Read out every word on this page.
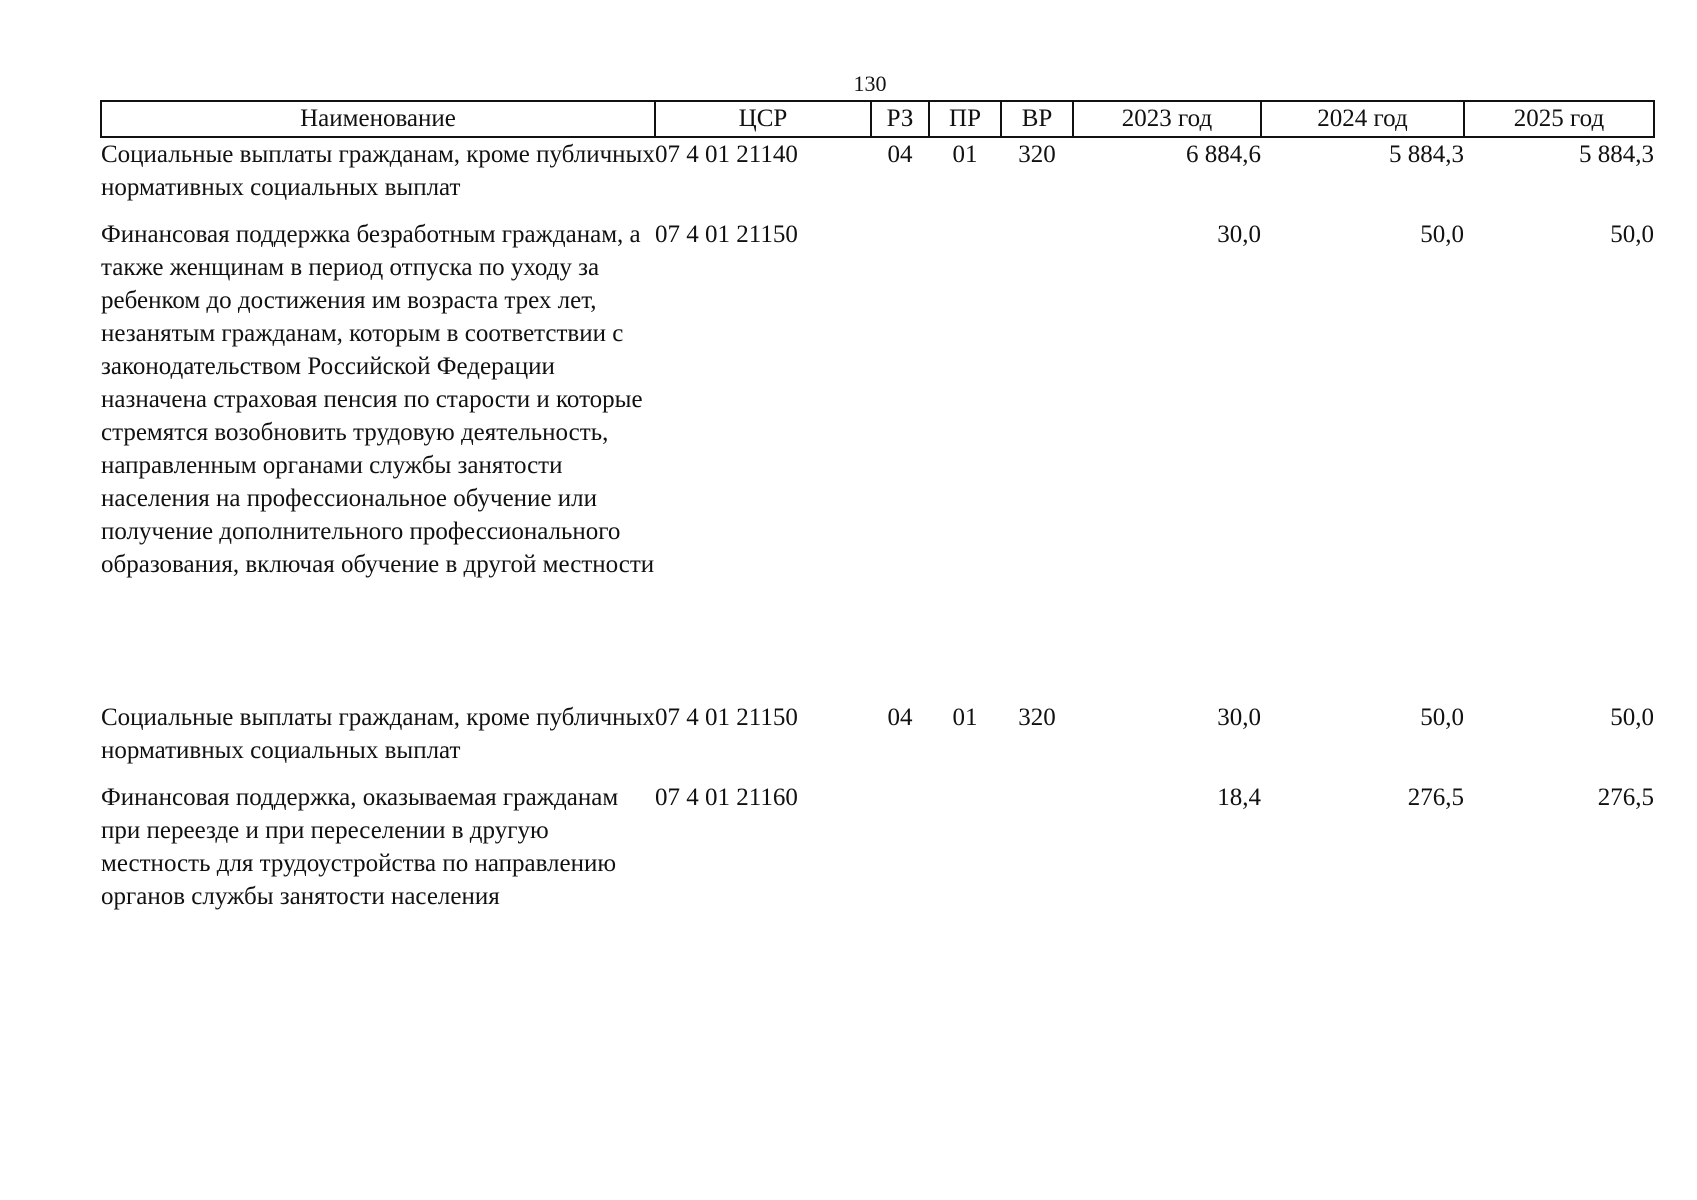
130
Наименование	ЦСР	РЗ	ПР	ВР	2023 год	2024 год	2025 год
Социальные выплаты гражданам, кроме публичных нормативных социальных выплат	07 4 01 21140	04	01	320	6 884,6	5 884,3	5 884,3
Финансовая поддержка безработным гражданам, а также женщинам в период отпуска по уходу за ребенком до достижения им возраста трех лет, незанятым гражданам, которым в соответствии с законодательством Российской Федерации назначена страховая пенсия по старости и которые стремятся возобновить трудовую деятельность, направленным органами службы занятости населения на профессиональное обучение или получение дополнительного профессионального образования, включая обучение в другой местности	07 4 01 21150				30,0	50,0	50,0
Социальные выплаты гражданам, кроме публичных нормативных социальных выплат	07 4 01 21150	04	01	320	30,0	50,0	50,0
Финансовая поддержка, оказываемая гражданам при переезде и при переселении в другую местность для трудоустройства по направлению органов службы занятости населения	07 4 01 21160				18,4	276,5	276,5
